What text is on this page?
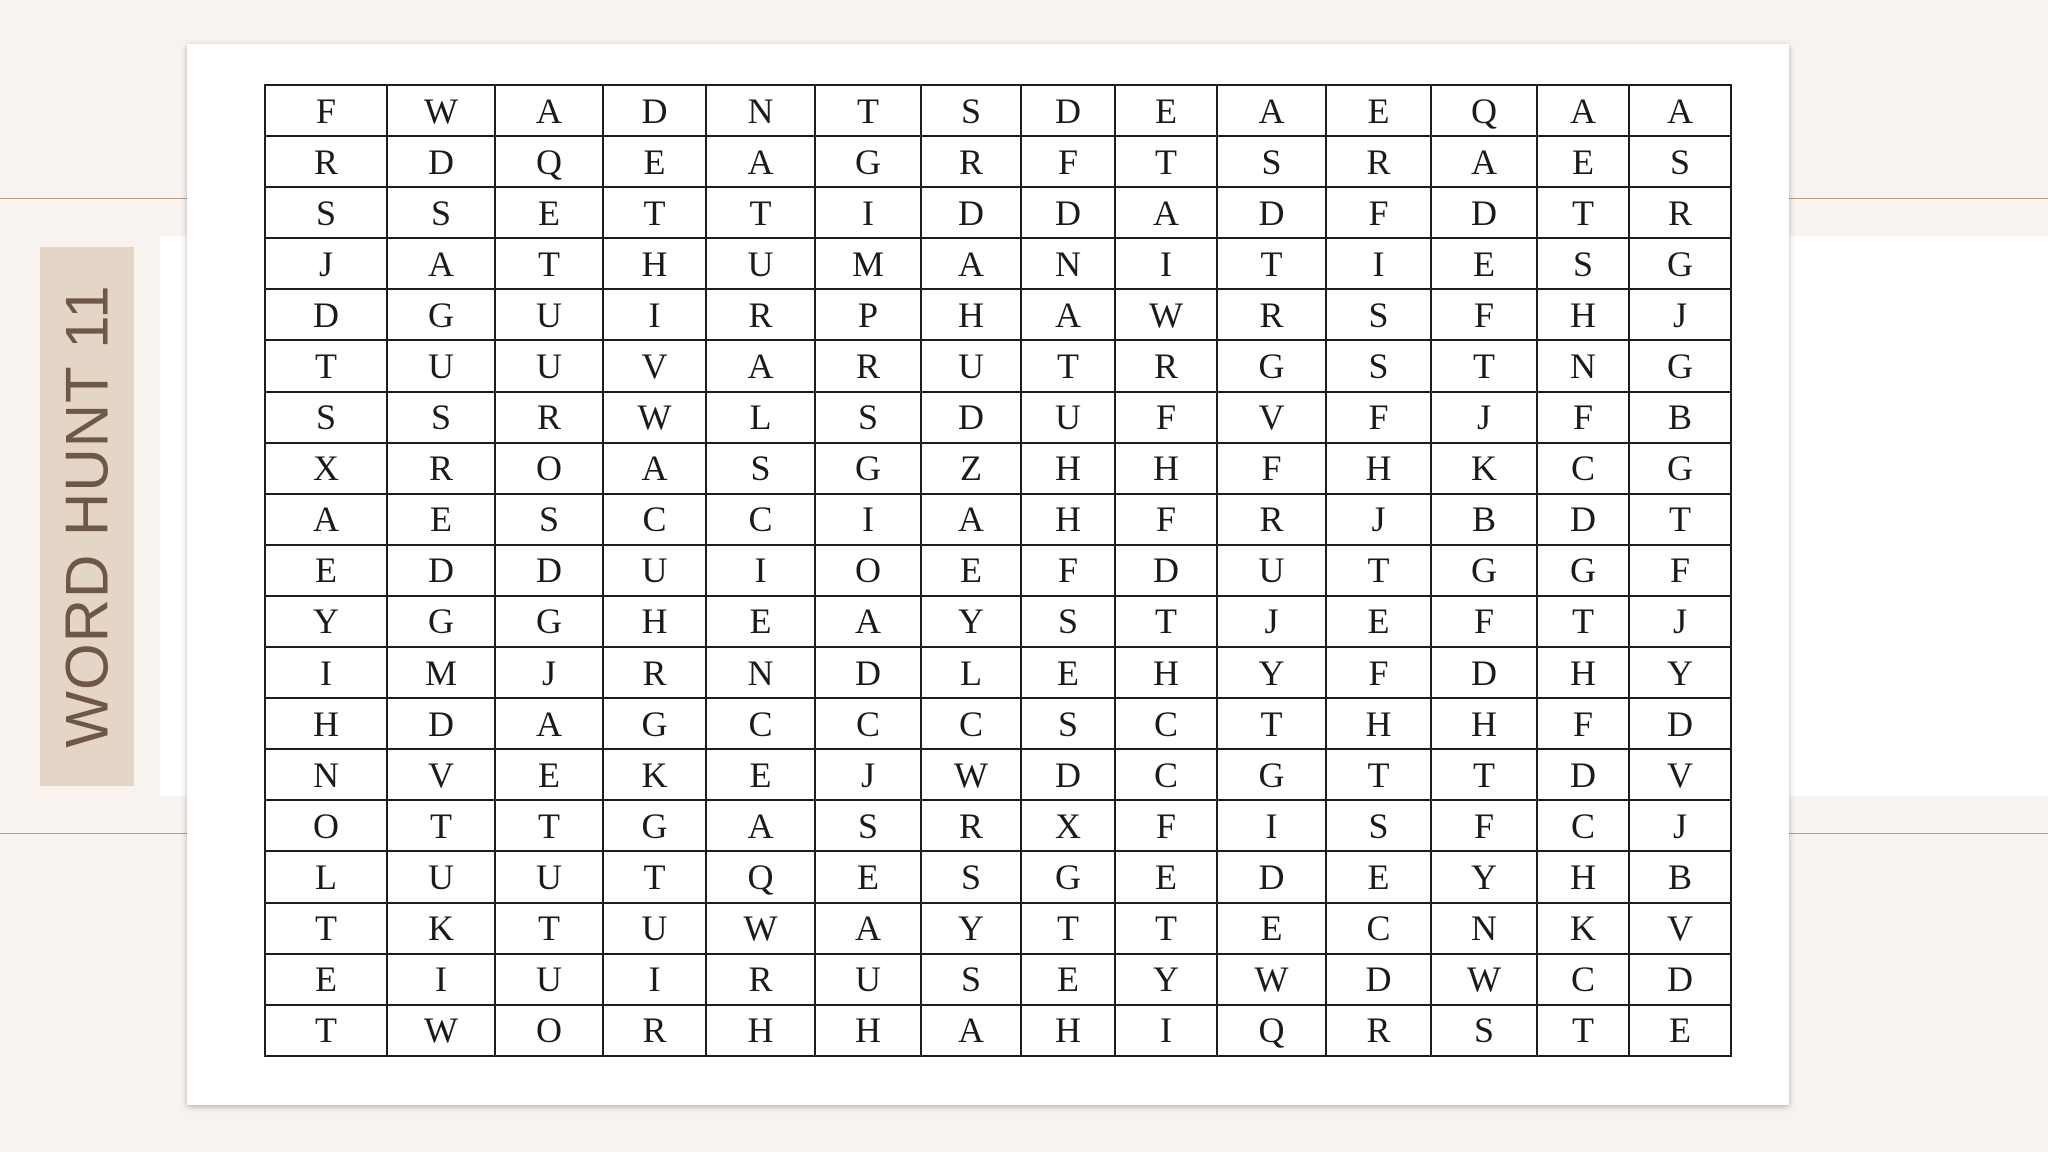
WORD HUNT 11
F	W	A	D	N	T	S	D	E	A	E	Q	A	A
R	D	Q	E	A	G	R	F	T	S	R	A	E	S
S	S	E	T	T	I	D	D	A	D	F	D	T	R
J	A	T	H	U	M	A	N	I	T	I	E	S	G
D	G	U	I	R	P	H	A	W	R	S	F	H	J
T	U	U	V	A	R	U	T	R	G	S	T	N	G
S	S	R	W	L	S	D	U	F	V	F	J	F	B
X	R	O	A	S	G	Z	H	H	F	H	K	C	G
A	E	S	C	C	I	A	H	F	R	J	B	D	T
E	D	D	U	I	O	E	F	D	U	T	G	G	F
Y	G	G	H	E	A	Y	S	T	J	E	F	T	J
I	M	J	R	N	D	L	E	H	Y	F	D	H	Y
H	D	A	G	C	C	C	S	C	T	H	H	F	D
N	V	E	K	E	J	W	D	C	G	T	T	D	V
O	T	T	G	A	S	R	X	F	I	S	F	C	J
L	U	U	T	Q	E	S	G	E	D	E	Y	H	B
T	K	T	U	W	A	Y	T	T	E	C	N	K	V
E	I	U	I	R	U	S	E	Y	W	D	W	C	D
T	W	O	R	H	H	A	H	I	Q	R	S	T	E
